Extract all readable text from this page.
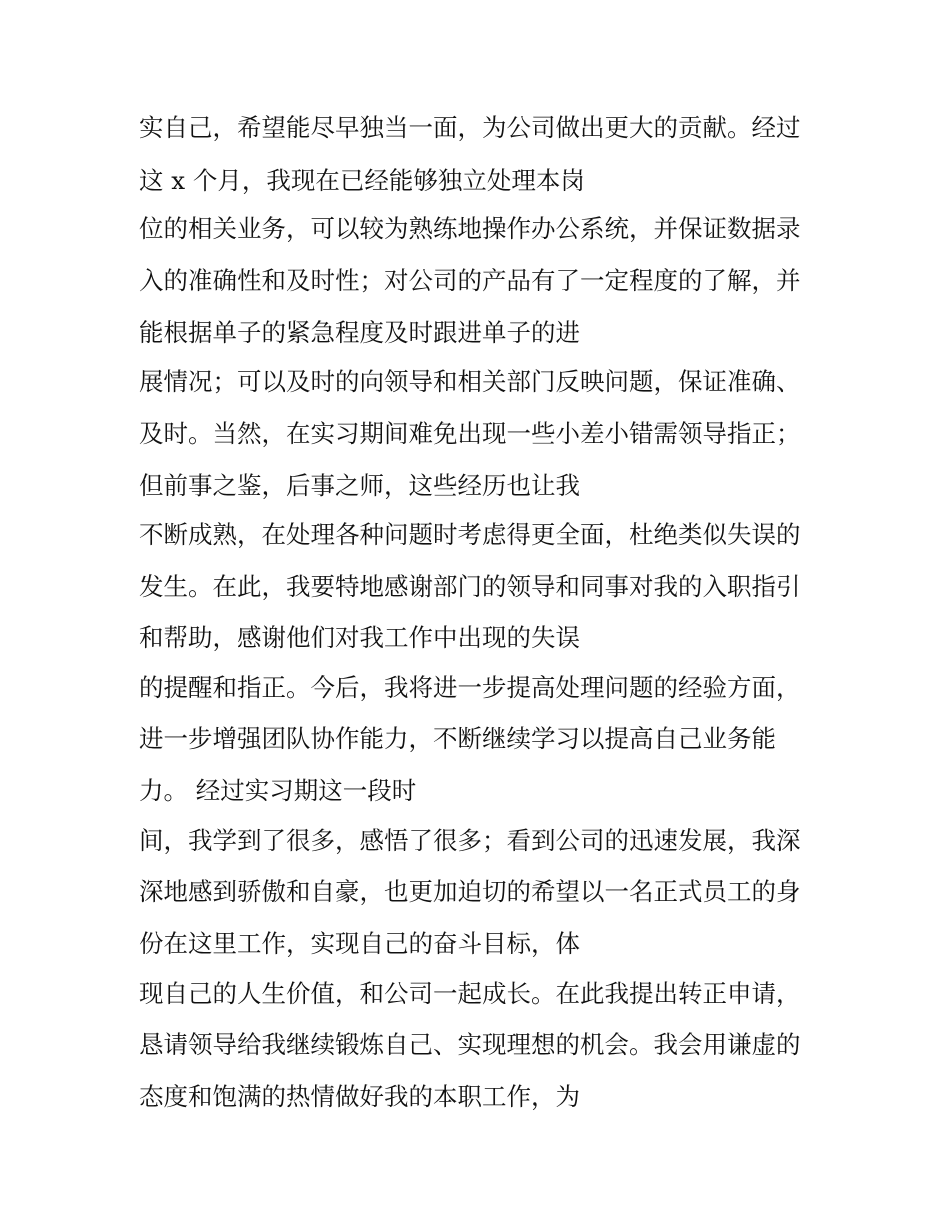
实自己，希望能尽早独当一面，为公司做出更大的贡献。经过

这 x 个月，我现在已经能够独立处理本岗

位的相关业务，可以较为熟练地操作办公系统，并保证数据录

入的准确性和及时性；对公司的产品有了一定程度的了解，并

能根据单子的紧急程度及时跟进单子的进

展情况；可以及时的向领导和相关部门反映问题，保证准确、

及时。当然，在实习期间难免出现一些小差小错需领导指正；

但前事之鉴，后事之师，这些经历也让我

不断成熟，在处理各种问题时考虑得更全面，杜绝类似失误的

发生。在此，我要特地感谢部门的领导和同事对我的入职指引

和帮助，感谢他们对我工作中出现的失误

的提醒和指正。今后，我将进一步提高处理问题的经验方面，

进一步增强团队协作能力，不断继续学习以提高自己业务能

力。 经过实习期这一段时

间，我学到了很多，感悟了很多；看到公司的迅速发展，我深

深地感到骄傲和自豪，也更加迫切的希望以一名正式员工的身

份在这里工作，实现自己的奋斗目标，体

现自己的人生价值，和公司一起成长。在此我提出转正申请，

恳请领导给我继续锻炼自己、实现理想的机会。我会用谦虚的

态度和饱满的热情做好我的本职工作，为
